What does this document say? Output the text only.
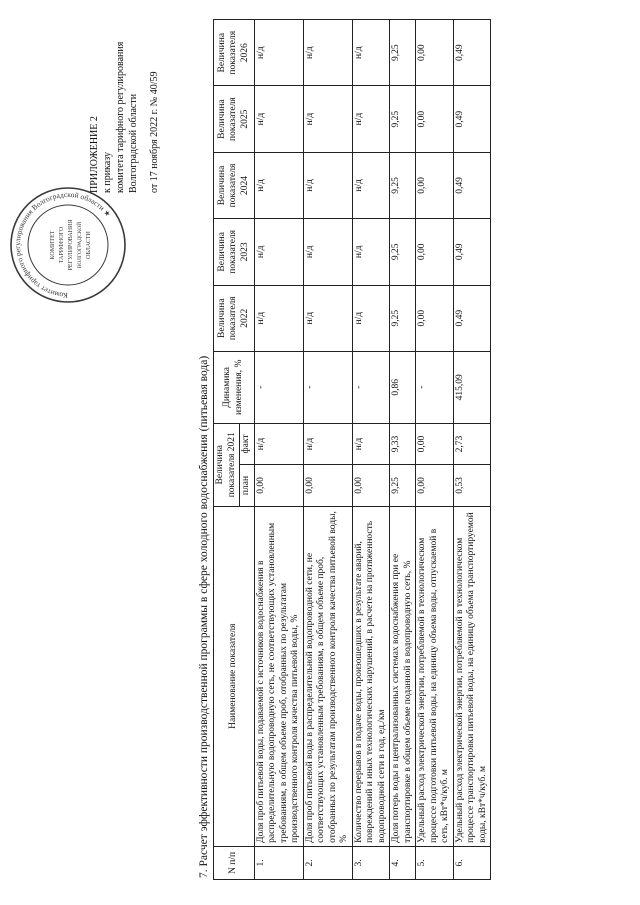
Комитет тарифного регулирования Волгоградской области ★
КОМИТЕТ ТАРИФНОГО РЕГУЛИРОВАНИЯ ВОЛГОГРАДСКОЙ ОБЛАСТИ
ПРИЛОЖЕНИЕ 2 к приказу комитета тарифного регулирования Волгоградской области от 17 ноября 2022 г. № 40/59
7. Расчет эффективности производственной программы в сфере холодного водоснабжения (питьевая вода) N п/п	Наименование показателя	Величина показателя 2021		Динамика изменения, %	Величина показателя 2022	Величина показателя 2023	Величина показателя 2024	Величина показателя 2025	Величина показателя 2026
		план	факт						
1.	Доля проб питьевой воды, подаваемой с источников водоснабжения в распределительную водопроводную сеть, не соответствующих установленным требованиям, в общем объеме проб, отобранных по результатам производственного контроля качества питьевой воды, %	0,00	н/д	-	н/д	н/д	н/д	н/д	н/д
2.	Доля проб питьевой воды в распределительной водопроводной сети, не соответствующих установленным требованиям, в общем объеме проб, отобранных по результатам производственного контроля качества питьевой воды, %	0,00	н/д	-	н/д	н/д	н/д	н/д	н/д
3.	Количество перерывов в подаче воды, произошедших в результате аварий, повреждений и иных технологических нарушений, в расчете на протяженность водопроводной сети в год, ед./км	0,00	н/д	-	н/д	н/д	н/д	н/д	н/д
4.	Доля потерь воды в централизованных системах водоснабжения при ее транспортировке в общем объеме поданной в водопроводную сеть, %	9,25	9,33	0,86	9,25	9,25	9,25	9,25	9,25
5.	Удельный расход электрической энергии, потребляемой в технологическом процессе подготовки питьевой воды, на единицу объема воды, отпускаемой в сеть, кВт*ч/куб. м	0,00	0,00	-	0,00	0,00	0,00	0,00	0,00
6.	Удельный расход электрической энергии, потребляемой в технологическом процессе транспортировки питьевой воды, на единицу объема транспортируемой воды, кВт*ч/куб. м	0,53	2,73	415,09	0,49	0,49	0,49	0,49	0,49
